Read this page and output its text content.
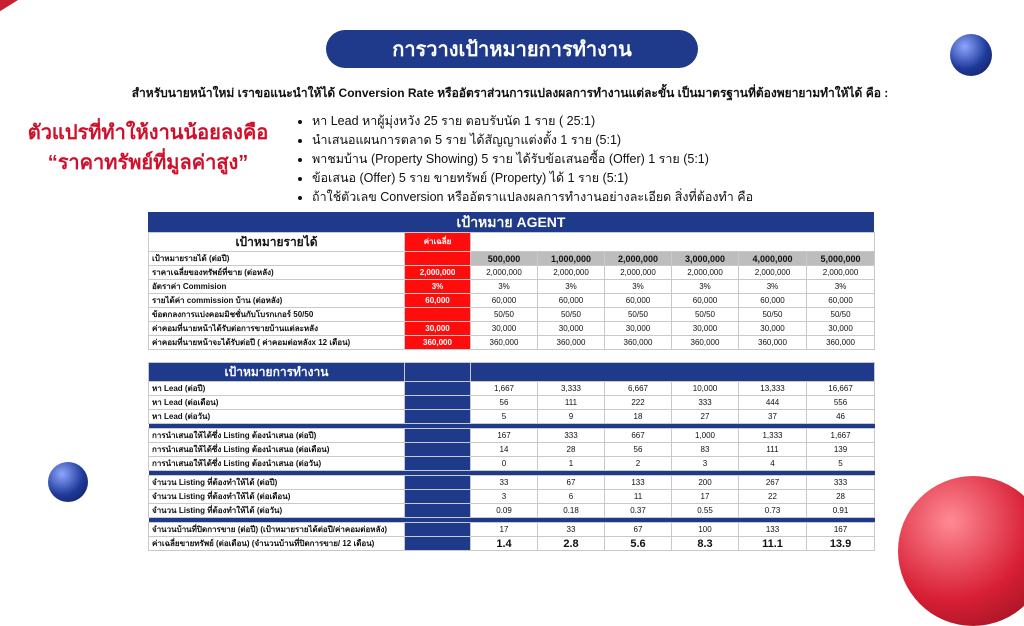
การวางเป้าหมายการทำงาน
สำหรับนายหน้าใหม่ เราขอแนะนำให้ได้ Conversion Rate หรืออัตราส่วนการแปลงผลการทำงานแต่ละขั้น เป็นมาตรฐานที่ต้องพยายามทำให้ได้ คือ :
ตัวแปรที่ทำให้งานน้อยลงคือ
“ราคาทรัพย์ที่มูลค่าสูง”
• หา Lead หาผู้มุ่งหวัง 25 ราย ตอบรับนัด 1 ราย ( 25:1)
• นำเสนอแผนการตลาด 5 ราย ได้สัญญาแต่งตั้ง 1 ราย (5:1)
• พาชมบ้าน (Property Showing) 5 ราย ได้รับข้อเสนอซื้อ (Offer) 1 ราย (5:1)
• ข้อเสนอ (Offer) 5 ราย ขายทรัพย์ (Property) ได้ 1 ราย (5:1)
• ถ้าใช้ตัวเลข Conversion หรืออัตราแปลงผลการทำงานอย่างละเอียด สิ่งที่ต้องทำ คือ
เป้าหมาย AGENT
เป้าหมายรายได้	ค่าเฉลี่ย						
เป้าหมายรายได้ (ต่อปี)		500,000	1,000,000	2,000,000	3,000,000	4,000,000	5,000,000
ราคาเฉลี่ยของทรัพย์ที่ขาย (ต่อหลัง)	2,000,000	2,000,000	2,000,000	2,000,000	2,000,000	2,000,000	2,000,000
อัตราค่า Commision	3%	3%	3%	3%	3%	3%	3%
รายได้ค่า commission บ้าน (ต่อหลัง)	60,000	60,000	60,000	60,000	60,000	60,000	60,000
ข้อตกลงการแบ่งคอมมิชชั่นกับโบรกเกอร์ 50/50		50/50	50/50	50/50	50/50	50/50	50/50
ค่าคอมที่นายหน้าได้รับต่อการขายบ้านแต่ละหลัง	30,000	30,000	30,000	30,000	30,000	30,000	30,000
ค่าคอมที่นายหน้าจะได้รับต่อปี ( ค่าคอมต่อหลังx 12 เดือน)	360,000	360,000	360,000	360,000	360,000	360,000	360,000

เป้าหมายการทำงาน							
หา Lead (ต่อปี)		1,667	3,333	6,667	10,000	13,333	16,667
หา Lead (ต่อเดือน)		56	111	222	333	444	556
หา Lead (ต่อวัน)		5	9	18	27	37	46

การนำเสนอให้ได้ซึ่ง Listing ต้องนำเสนอ (ต่อปี)		167	333	667	1,000	1,333	1,667
การนำเสนอให้ได้ซึ่ง Listing ต้องนำเสนอ (ต่อเดือน)		14	28	56	83	111	139
การนำเสนอให้ได้ซึ่ง Listing ต้องนำเสนอ (ต่อวัน)		0	1	2	3	4	5

จำนวน Listing ที่ต้องทำให้ได้ (ต่อปี)		33	67	133	200	267	333
จำนวน Listing ที่ต้องทำให้ได้ (ต่อเดือน)		3	6	11	17	22	28
จำนวน Listing ที่ต้องทำให้ได้ (ต่อวัน)		0.09	0.18	0.37	0.55	0.73	0.91

จำนวนบ้านที่ปิดการขาย (ต่อปี) (เป้าหมายรายได้ต่อปี/ค่าคอมต่อหลัง)		17	33	67	100	133	167
ค่าเฉลี่ยขายทรัพย์ (ต่อเดือน) (จำนวนบ้านที่ปิดการขาย/ 12 เดือน)		1.4	2.8	5.6	8.3	11.1	13.9
